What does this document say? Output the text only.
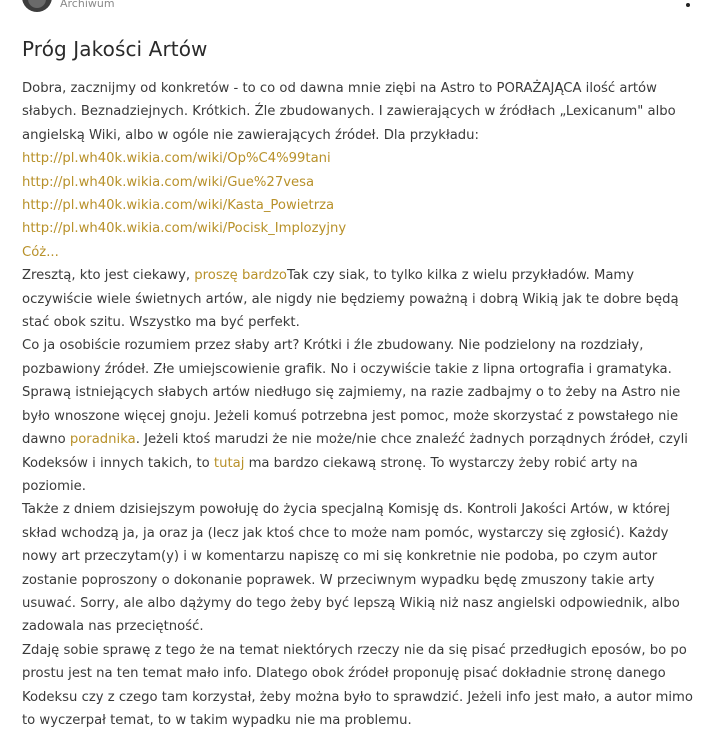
Archiwum
Próg Jakości Artów

Dobra, zacznijmy od konkretów - to co od dawna mnie ziębi na Astro to PORAŻAJĄCA ilość artów słabych. Beznadziejnych. Krótkich. Źle zbudowanych. I zawierających w źródłach „Lexicanum" albo angielską Wiki, albo w ogóle nie zawierających źródeł. Dla przykładu:

http://pl.wh40k.wikia.com/wiki/Op%C4%99tani
http://pl.wh40k.wikia.com/wiki/Gue%27vesa
http://pl.wh40k.wikia.com/wiki/Kasta_Powietrza
http://pl.wh40k.wikia.com/wiki/Pocisk_Implozyjny
Cóż...

Zresztą, kto jest ciekawy, proszę bardzoTak czy siak, to tylko kilka z wielu przykładów. Mamy oczywiście wiele świetnych artów, ale nigdy nie będziemy poważną i dobrą Wikią jak te dobre będą stać obok szitu. Wszystko ma być perfekt.

Co ja osobiście rozumiem przez słaby art? Krótki i źle zbudowany. Nie podzielony na rozdziały, pozbawiony źródeł. Złe umiejscowienie grafik. No i oczywiście takie z lipna ortografia i gramatyka. Sprawą istniejących słabych artów niedługo się zajmiemy, na razie zadbajmy o to żeby na Astro nie było wnoszone więcej gnoju. Jeżeli komuś potrzebna jest pomoc, może skorzystać z powstałego nie dawno poradnika. Jeżeli ktoś marudzi że nie może/nie chce znaleźć żadnych porządnych źródeł, czyli Kodeksów i innych takich, to tutaj ma bardzo ciekawą stronę. To wystarczy żeby robić arty na poziomie.

Także z dniem dzisiejszym powołuję do życia specjalną Komisję ds. Kontroli Jakości Artów, w której skład wchodzą ja, ja oraz ja (lecz jak ktoś chce to może nam pomóc, wystarczy się zgłosić). Każdy nowy art przeczytam(y) i w komentarzu napiszę co mi się konkretnie nie podoba, po czym autor zostanie poproszony o dokonanie poprawek. W przeciwnym wypadku będę zmuszony takie arty usuwać. Sorry, ale albo dążymy do tego żeby być lepszą Wikią niż nasz angielski odpowiednik, albo zadowala nas przeciętność.

Zdaję sobie sprawę z tego że na temat niektórych rzeczy nie da się pisać przedługich eposów, bo po prostu jest na ten temat mało info. Dlatego obok źródeł proponuję pisać dokładnie stronę danego Kodeksu czy z czego tam korzystał, żeby można było to sprawdzić. Jeżeli info jest mało, a autor mimo to wyczerpał temat, to w takim wypadku nie ma problemu.
